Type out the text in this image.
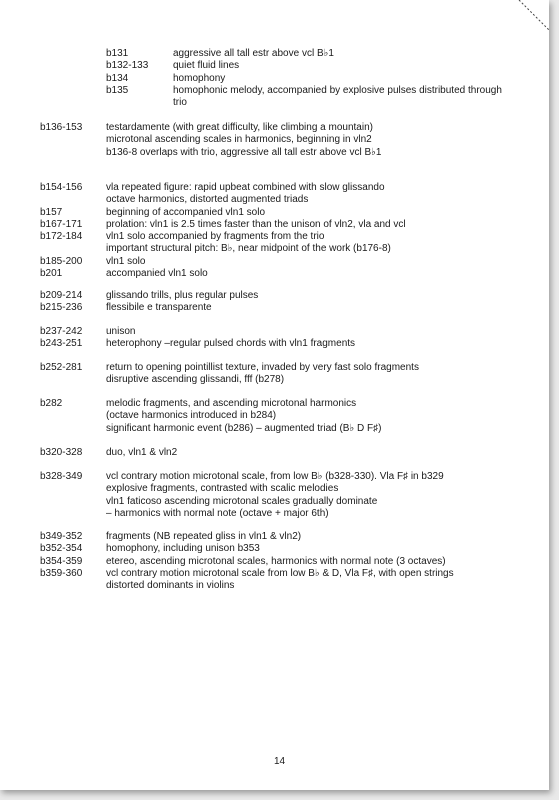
b131	aggressive all tall estr above vcl B♭1
b132-133	quiet fluid lines
b134	homophony
b135	homophonic melody, accompanied by explosive pulses distributed through
trio
b136-153	testardamente (with great difficulty, like climbing a mountain)
microtonal ascending scales in harmonics, beginning in vln2
b136-8 overlaps with trio, aggressive all tall estr above vcl B♭1
b154-156	vla repeated figure: rapid upbeat combined with slow glissando
octave harmonics, distorted augmented triads
b157	beginning of accompanied vln1 solo
b167-171	prolation: vln1 is 2.5 times faster than the unison of vln2, vla and vcl
b172-184	vln1 solo accompanied by fragments from the trio
important structural pitch: B♭, near midpoint of the work (b176-8)
b185-200	vln1 solo
b201	accompanied vln1 solo
b209-214	glissando trills, plus regular pulses
b215-236	flessibile e transparente
b237-242	unison
b243-251	heterophony –regular pulsed chords with vln1 fragments
b252-281	return to opening pointillist texture, invaded by very fast solo fragments
disruptive ascending glissandi, fff (b278)
b282	melodic fragments, and ascending microtonal harmonics
(octave harmonics introduced in b284)
significant harmonic event (b286) – augmented triad (B♭ D F♯)
b320-328	duo, vln1 & vln2
b328-349	vcl contrary motion microtonal scale, from low B♭ (b328-330). Vla F♯ in b329
explosive fragments, contrasted with scalic melodies
vln1 faticoso ascending microtonal scales gradually dominate
– harmonics with normal note (octave + major 6th)
b349-352	fragments (NB repeated gliss in vln1 & vln2)
b352-354	homophony, including unison b353
b354-359	etereo, ascending microtonal scales, harmonics with normal note (3 octaves)
b359-360	vcl contrary motion microtonal scale from low B♭ & D, Vla F♯, with open strings
distorted dominants in violins
14
